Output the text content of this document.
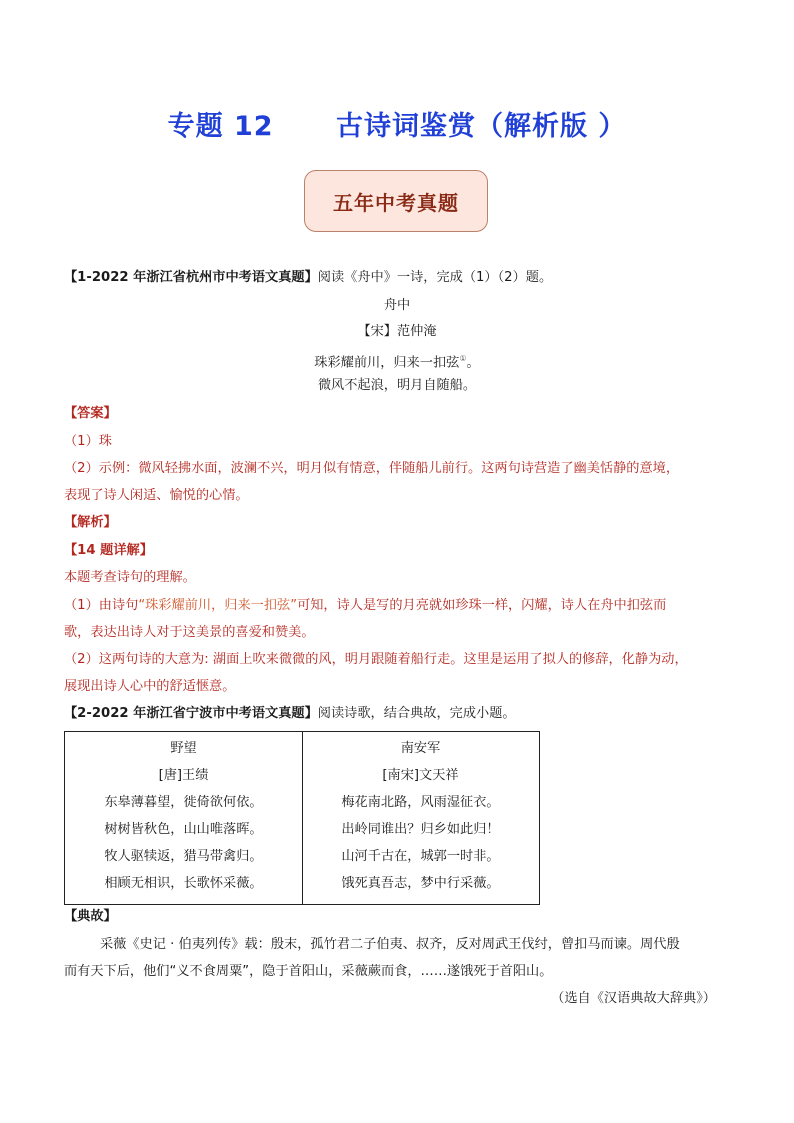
专题 12      古诗词鉴赏（解析版 ）
五年中考真题
【1-2022 年浙江省杭州市中考语文真题】阅读《舟中》一诗，完成（1）（2）题。
舟中
【宋】范仲淹
珠彩耀前川，归来一扣弦①。
微风不起浪，明月自随船。
【答案】
（1）珠
（2）示例：微风轻拂水面，波澜不兴，明月似有情意，伴随船儿前行。这两句诗营造了幽美恬静的意境，
表现了诗人闲适、愉悦的心情。
【解析】
【14 题详解】
本题考查诗句的理解。
（1）由诗句“珠彩耀前川，归来一扣弦”可知，诗人是写的月亮就如珍珠一样，闪耀，诗人在舟中扣弦而
歌，表达出诗人对于这美景的喜爱和赞美。
（2）这两句诗的大意为: 湖面上吹来微微的风，明月跟随着船行走。这里是运用了拟人的修辞，化静为动，
展现出诗人心中的舒适惬意。
【2-2022 年浙江省宁波市中考语文真题】阅读诗歌，结合典故，完成小题。
野望
[唐]王绩
东皋薄暮望，徙倚欲何依。
树树皆秋色，山山唯落晖。
牧人驱犊返，猎马带禽归。
相顾无相识，长歌怀采薇。
南安军
[南宋]文天祥
梅花南北路，风雨湿征衣。
出岭同谁出？归乡如此归！
山河千古在，城郭一时非。
饿死真吾志，梦中行采薇。
【典故】
采薇《史记 · 伯夷列传》载：殷末，孤竹君二子伯夷、叔齐，反对周武王伐纣，曾扣马而谏。周代殷
而有天下后，他们“义不食周粟”，隐于首阳山，采薇蕨而食，……遂饿死于首阳山。
（选自《汉语典故大辞典》）
